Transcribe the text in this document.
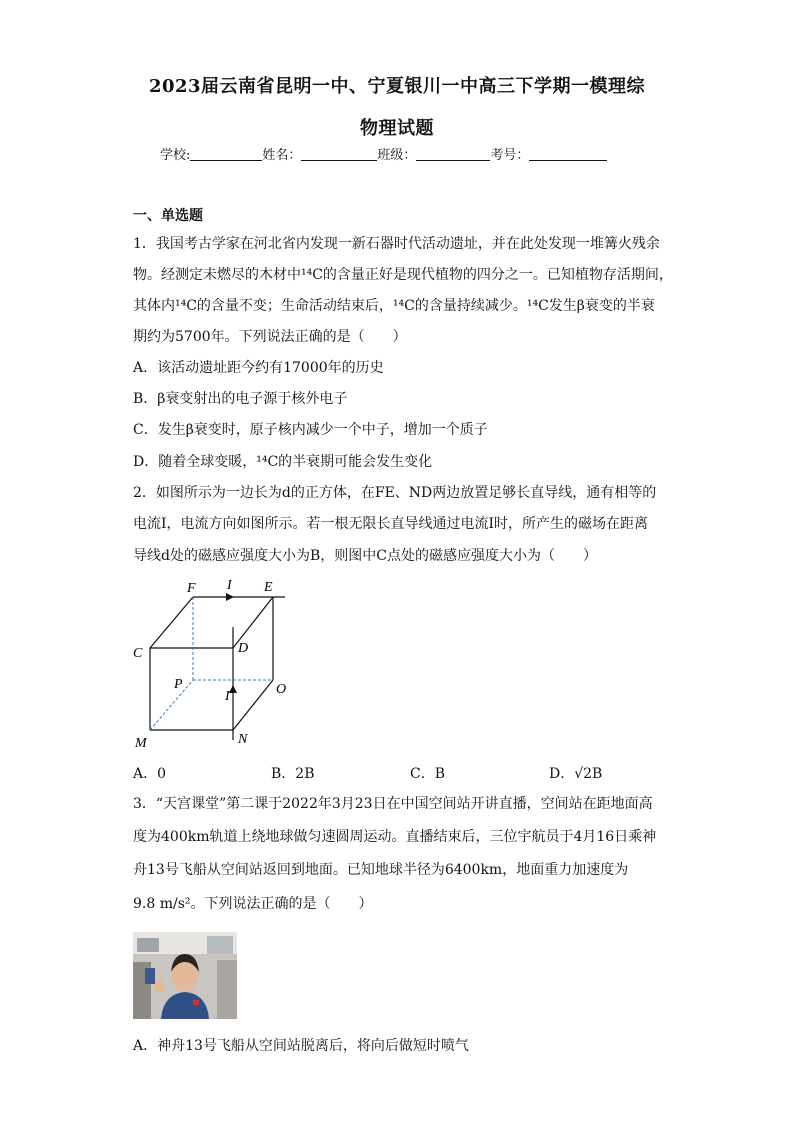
2023届云南省昆明一中、宁夏银川一中高三下学期一模理综
物理试题
学校:	姓名：	班级：	考号：
一、单选题
1．我国考古学家在河北省内发现一新石器时代活动遗址，并在此处发现一堆篝火残余
物。经测定未燃尽的木材中¹⁴C的含量正好是现代植物的四分之一。已知植物存活期间，
其体内¹⁴C的含量不变；生命活动结束后，¹⁴C的含量持续减少。¹⁴C发生β衰变的半衰
期约为5700年。下列说法正确的是（　　）
A．该活动遗址距今约有17000年的历史
B．β衰变射出的电子源于核外电子
C．发生β衰变时，原子核内减少一个中子，增加一个质子
D．随着全球变暖，¹⁴C的半衰期可能会发生变化
2．如图所示为一边长为d的正方体，在FE、ND两边放置足够长直导线，通有相等的
电流I，电流方向如图所示。若一根无限长直导线通过电流I时，所产生的磁场在距离
导线d处的磁感应强度大小为B，则图中C点处的磁感应强度大小为（　　）
F I E
C	D
P
I	O
M	N
A．0	B．2B	C．B	D．√2B
3．“天宫课堂”第二课于2022年3月23日在中国空间站开讲直播，空间站在距地面高
度为400km轨道上绕地球做匀速圆周运动。直播结束后，三位宇航员于4月16日乘神
舟13号飞船从空间站返回到地面。已知地球半径为6400km，地面重力加速度为
9.8 m/s²。下列说法正确的是（　　）
A．神舟13号飞船从空间站脱离后，将向后做短时喷气
